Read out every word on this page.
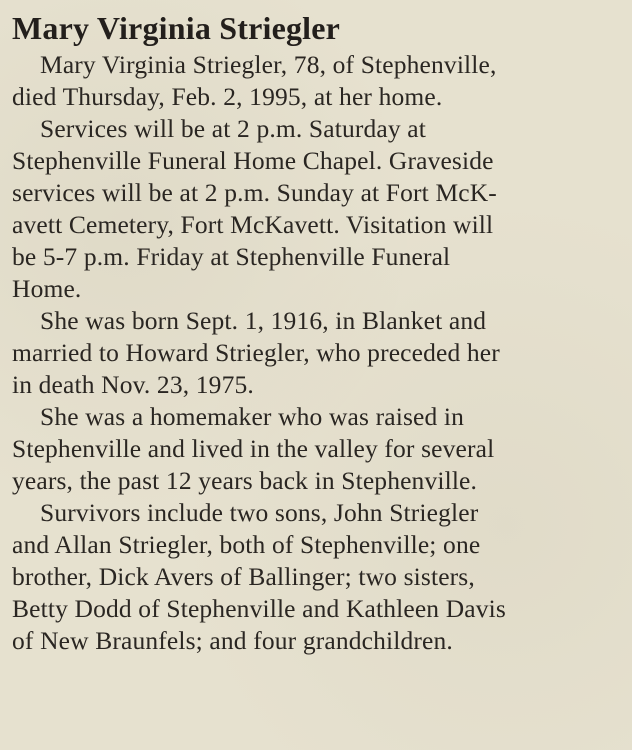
Mary Virginia Striegler

Mary Virginia Striegler, 78, of Stephenville,
died Thursday, Feb. 2, 1995, at her home.

Services will be at 2 p.m. Saturday at
Stephenville Funeral Home Chapel. Graveside
services will be at 2 p.m. Sunday at Fort McK-
avett Cemetery, Fort McKavett. Visitation will
be 5-7 p.m. Friday at Stephenville Funeral
Home.

She was born Sept. 1, 1916, in Blanket and
married to Howard Striegler, who preceded her
in death Nov. 23, 1975.

She was a homemaker who was raised in
Stephenville and lived in the valley for several
years, the past 12 years back in Stephenville.

Survivors include two sons, John Striegler
and Allan Striegler, both of Stephenville; one
brother, Dick Avers of Ballinger; two sisters,
Betty Dodd of Stephenville and Kathleen Davis
of New Braunfels; and four grandchildren.
